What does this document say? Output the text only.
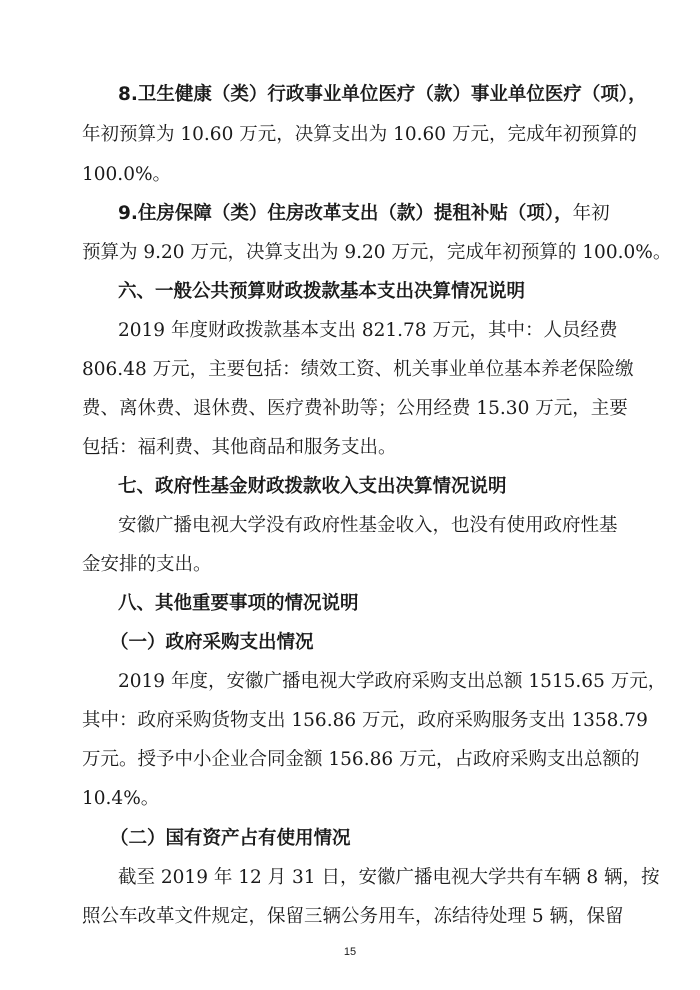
8.卫生健康（类）行政事业单位医疗（款）事业单位医疗（项），
年初预算为 10.60 万元，决算支出为 10.60 万元，完成年初预算的
100.0%。
9.住房保障（类）住房改革支出（款）提租补贴（项），年初
预算为 9.20 万元，决算支出为 9.20 万元，完成年初预算的 100.0%。
六、一般公共预算财政拨款基本支出决算情况说明
2019 年度财政拨款基本支出 821.78 万元，其中：人员经费
806.48 万元，主要包括：绩效工资、机关事业单位基本养老保险缴
费、离休费、退休费、医疗费补助等；公用经费 15.30 万元，主要
包括：福利费、其他商品和服务支出。
七、政府性基金财政拨款收入支出决算情况说明
安徽广播电视大学没有政府性基金收入，也没有使用政府性基
金安排的支出。
八、其他重要事项的情况说明
（一）政府采购支出情况
2019 年度，安徽广播电视大学政府采购支出总额 1515.65 万元，
其中：政府采购货物支出 156.86 万元，政府采购服务支出 1358.79
万元。授予中小企业合同金额 156.86 万元，占政府采购支出总额的
10.4%。
（二）国有资产占有使用情况
截至 2019 年 12 月 31 日，安徽广播电视大学共有车辆 8 辆，按
照公车改革文件规定，保留三辆公务用车，冻结待处理 5 辆，保留
15
